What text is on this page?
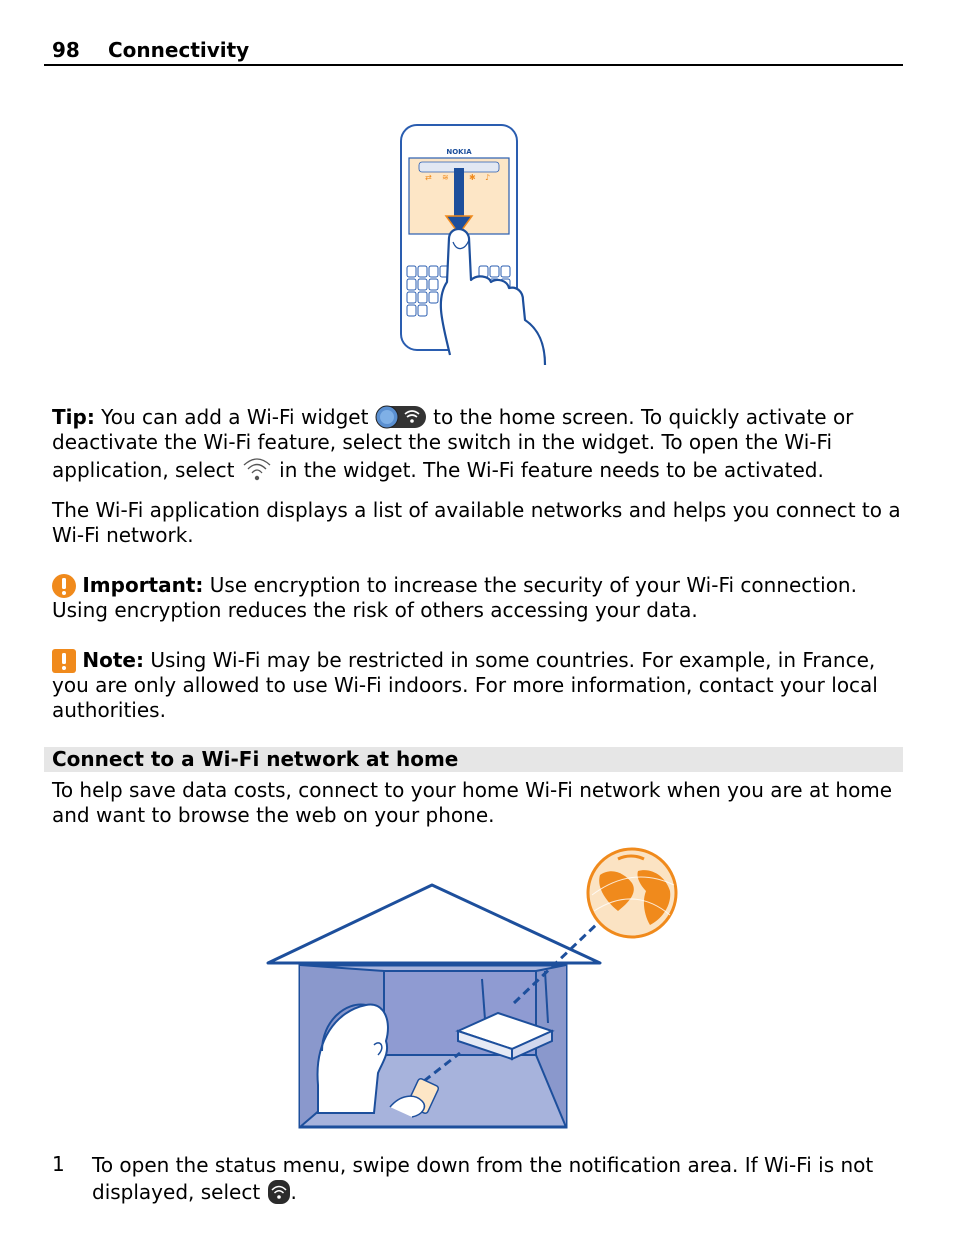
98 Connectivity
NOKIA
⇄ ≋	✱ ♪
Tip: You can add a Wi-Fi widget	to the home screen. To quickly activate or deactivate the Wi-Fi feature, select the switch in the widget. To open the Wi-Fi application, select
in the widget. The Wi-Fi feature needs to be activated.
The Wi-Fi application displays a list of available networks and helps you connect to a Wi-Fi network.
Important: Use encryption to increase the security of your Wi-Fi connection. Using encryption reduces the risk of others accessing your data.
Note: Using Wi-Fi may be restricted in some countries. For example, in France, you are only allowed to use Wi-Fi indoors. For more information, contact your local authorities.
Connect to a Wi-Fi network at home
To help save data costs, connect to your home Wi-Fi network when you are at home and want to browse the web on your phone.
1 To open the status menu, swipe down from the notification area. If Wi-Fi is not displayed, select
.
